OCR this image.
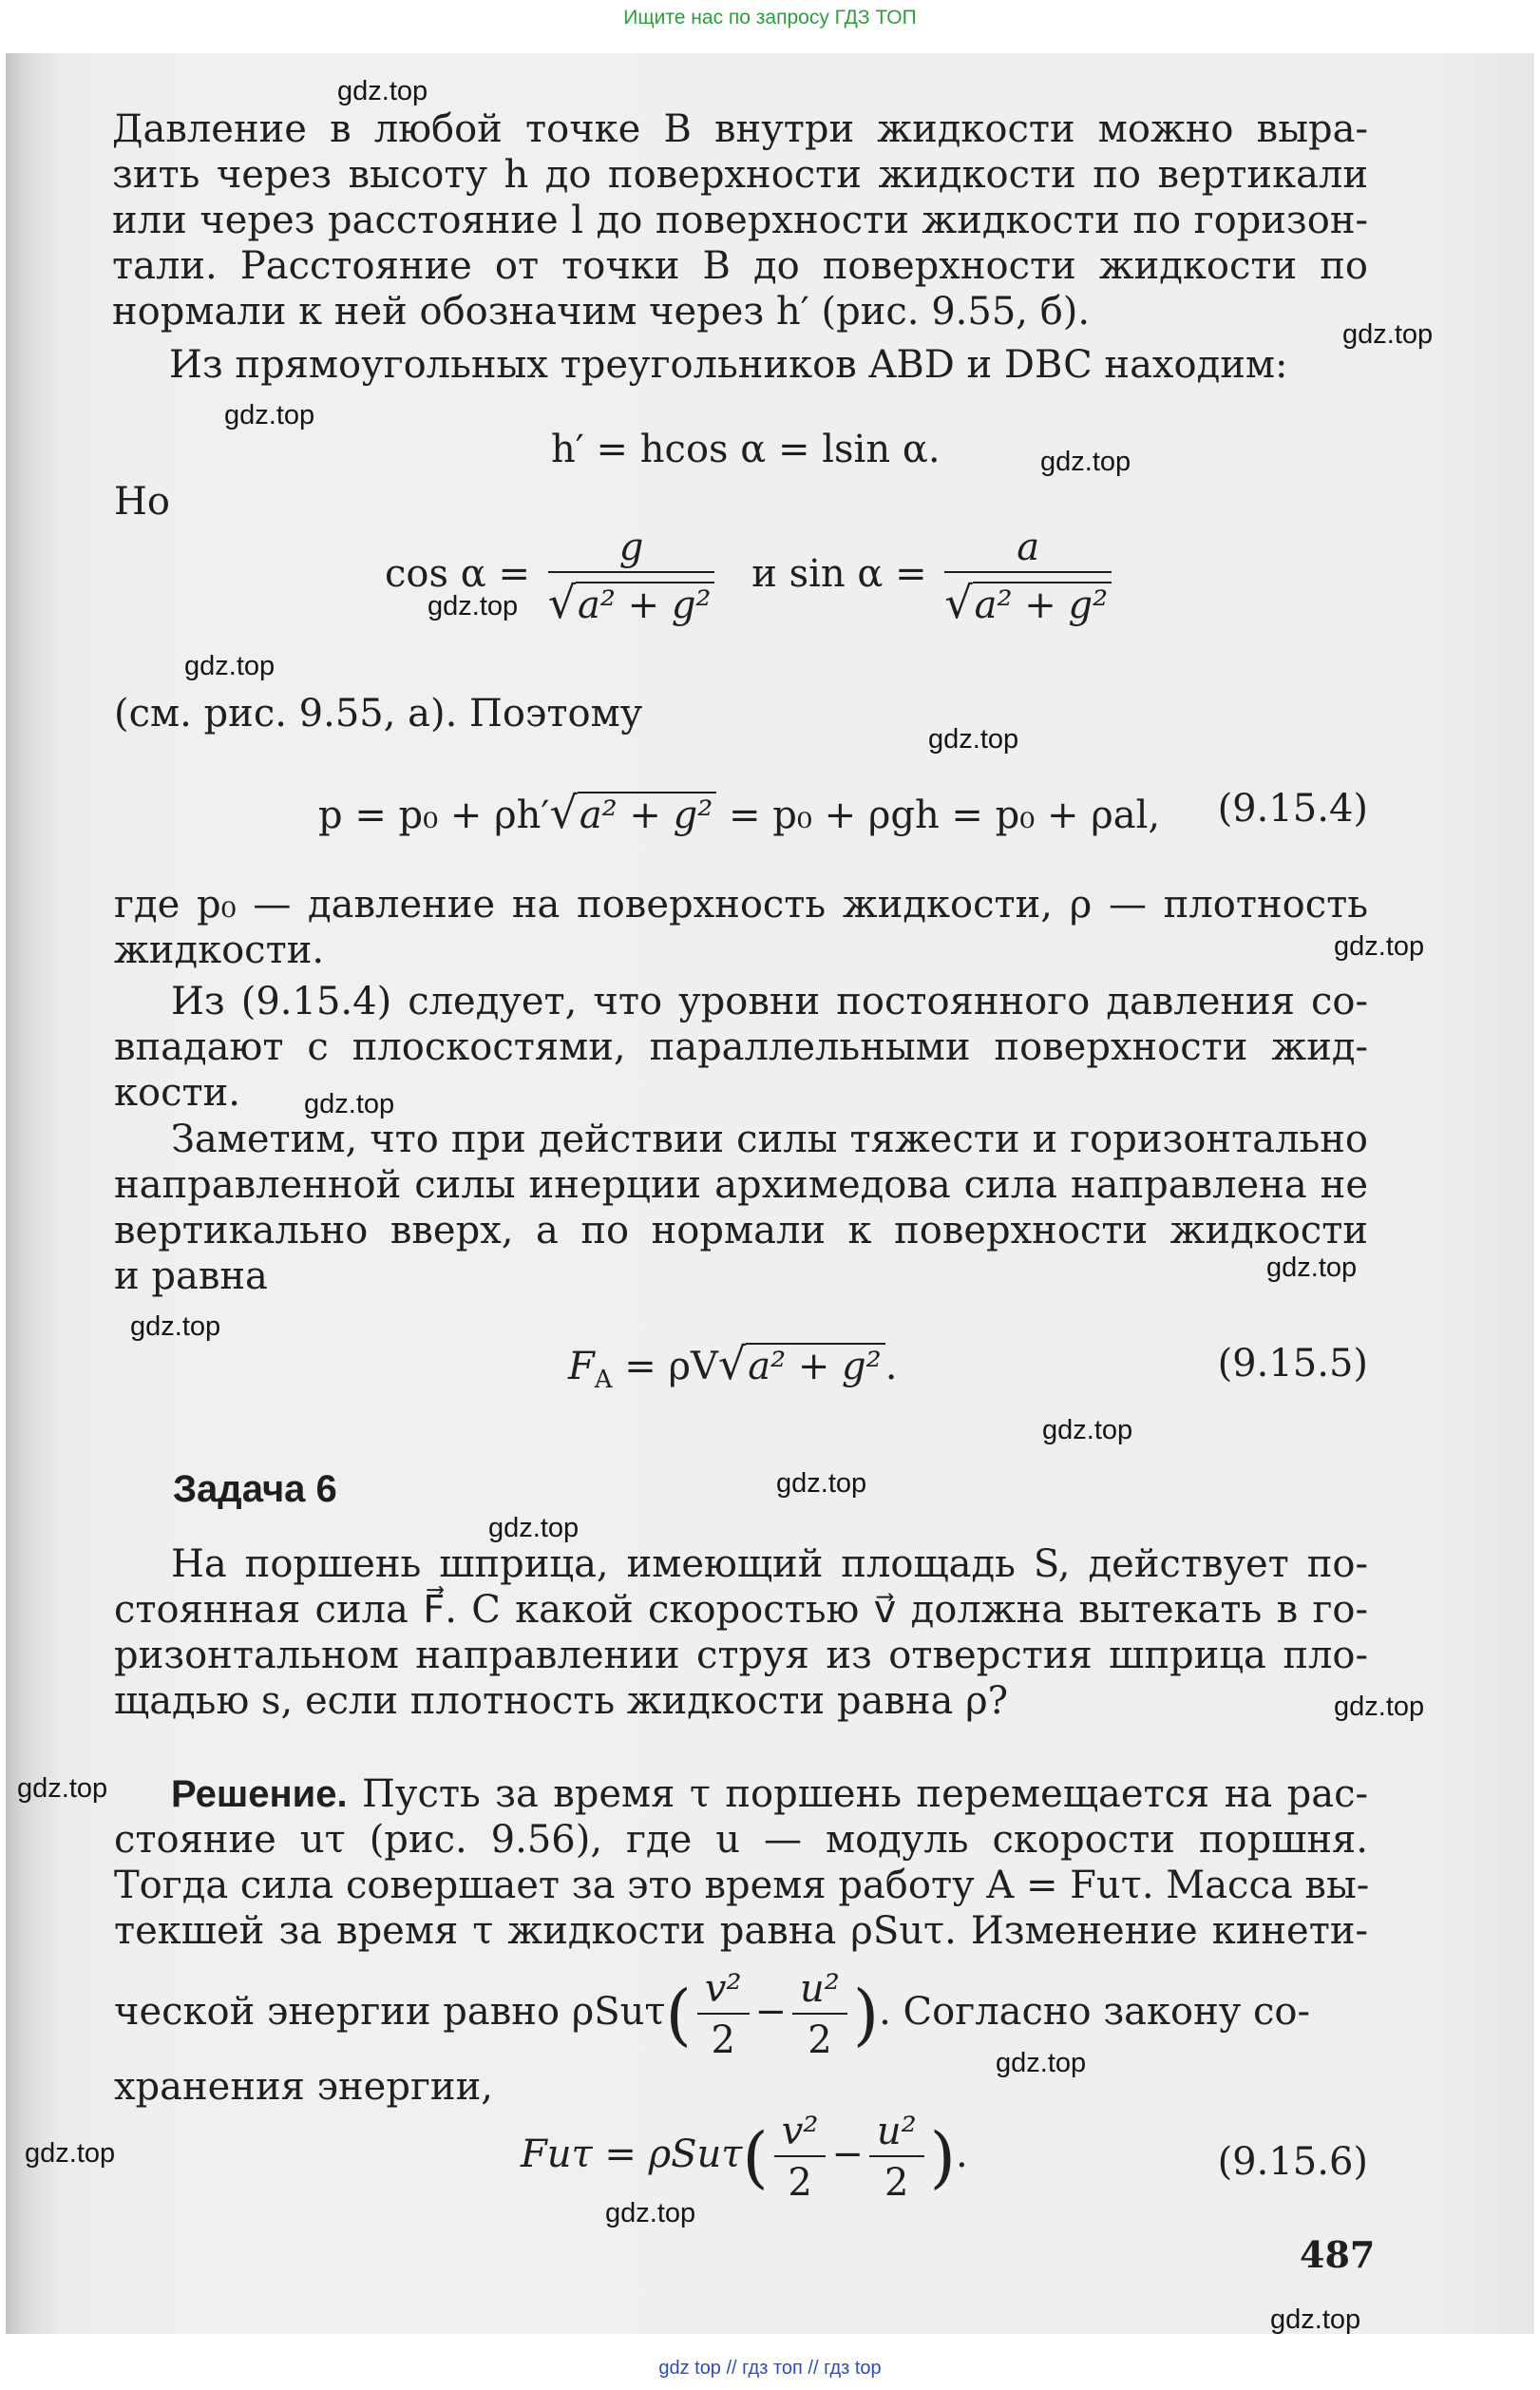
Ищите нас по запросу ГДЗ ТОП
gdz.top
gdz.top
gdz.top
gdz.top
gdz.top
gdz.top
gdz.top
gdz.top
gdz.top
gdz.top
gdz.top
gdz.top
gdz.top
gdz.top
gdz.top
gdz.top
gdz.top
gdz.top
gdz.top
gdz.top

Давление в любой точке B внутри жидкости можно выра-
зить через высоту h до поверхности жидкости по вертикали
или через расстояние l до поверхности жидкости по горизон-
тали. Расстояние от точки B до поверхности жидкости по
нормали к ней обозначим через h′ (рис. 9.55, б).

Из прямоугольных треугольников ABD и DBC находим:

h′ = hcos α = lsin α.
Но
$\cos \alpha = \frac{g}{\text{√a² + g²}}$ и $\sin \alpha = \frac{a}{\text{√a² + g²}}$
(см. рис. 9.55, а). Поэтому
p = p₀ + ρh′√a² + g² = p₀ + ρgh = p₀ + ρal, (9.15.4)

где p₀ — давление на поверхность жидкости, ρ — плотность
жидкости.

Из (9.15.4) следует, что уровни постоянного давления со-
впадают с плоскостями, параллельными поверхности жид-
кости.

Заметим, что при действии силы тяжести и горизонтально
направленной силы инерции архимедова сила направлена не
вертикально вверх, а по нормали к поверхности жидкости
и равна

$F_A = \rho V√a^2 + g^2$ .	(9.15.5)
Задача 6

На поршень шприца, имеющий площадь S, действует по-
стоянная сила F⃗. С какой скоростью v⃗ должна вытекать в го-
ризонтальном направлении струя из отверстия шприца пло-
щадью s, если плотность жидкости равна ρ?

Решение. Пусть за время τ поршень перемещается на рас-
стояние uτ (рис. 9.56), где u — модуль скорости поршня.
Тогда сила совершает за это время работу A = Fuτ. Масса вы-
текшей за время τ жидкости равна ρSuτ. Изменение кинети-

ческой энергии равно $\rho Su\tau( \frac{\text{v²}}{2} - \frac{\text{u²}}{2}$ ). Согласно закону со-
хранения энергии,
$Fu\tau = \rho Su\tau( \frac{\text{v²}}{2} - \frac{\text{u²}}{2}$ ).	(9.15.6)
487
gdz top // гдз топ // гдз top
